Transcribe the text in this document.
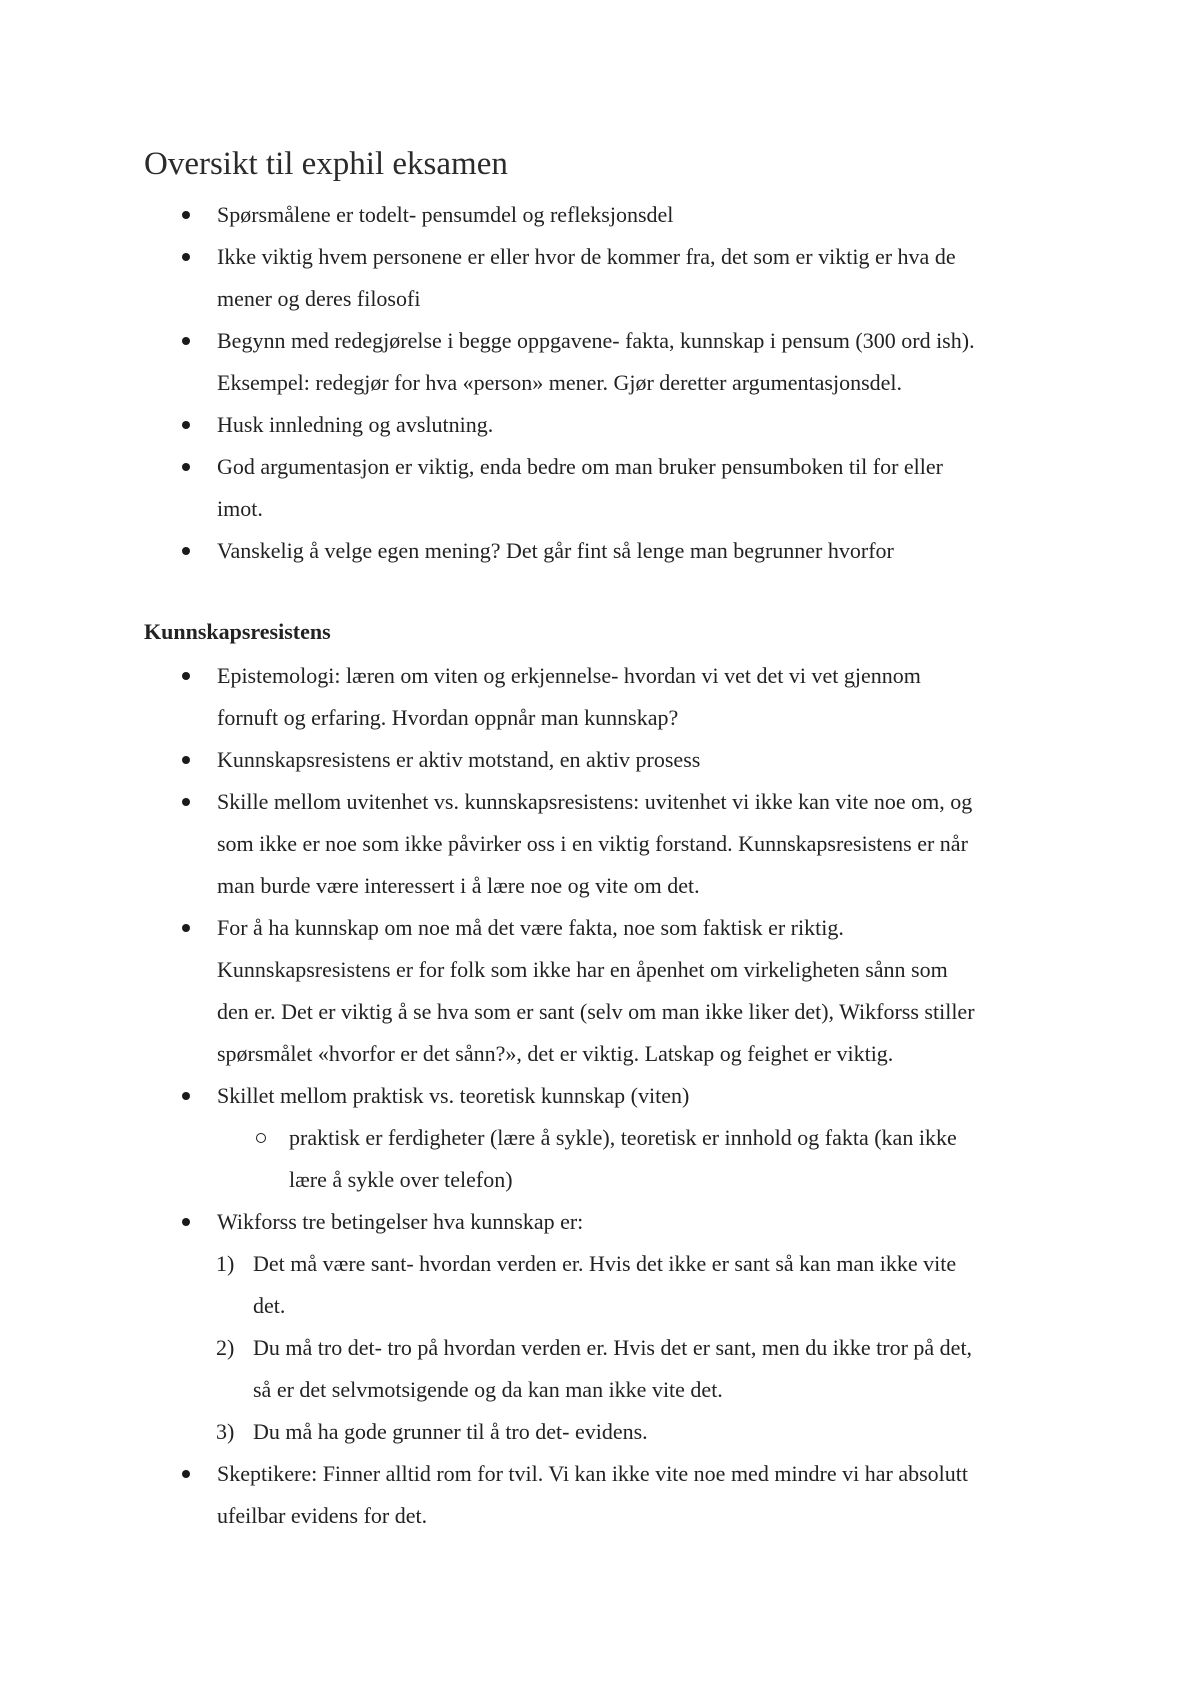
Oversikt til exphil eksamen
Spørsmålene er todelt- pensumdel og refleksjonsdel
Ikke viktig hvem personene er eller hvor de kommer fra, det som er viktig er hva de
mener og deres filosofi
Begynn med redegjørelse i begge oppgavene- fakta, kunnskap i pensum (300 ord ish).
Eksempel: redegjør for hva «person» mener. Gjør deretter argumentasjonsdel.
Husk innledning og avslutning.
God argumentasjon er viktig, enda bedre om man bruker pensumboken til for eller
imot.
Vanskelig å velge egen mening? Det går fint så lenge man begrunner hvorfor
Kunnskapsresistens
Epistemologi: læren om viten og erkjennelse- hvordan vi vet det vi vet gjennom
fornuft og erfaring. Hvordan oppnår man kunnskap?
Kunnskapsresistens er aktiv motstand, en aktiv prosess
Skille mellom uvitenhet vs. kunnskapsresistens: uvitenhet vi ikke kan vite noe om, og
som ikke er noe som ikke påvirker oss i en viktig forstand. Kunnskapsresistens er når
man burde være interessert i å lære noe og vite om det.
For å ha kunnskap om noe må det være fakta, noe som faktisk er riktig.
Kunnskapsresistens er for folk som ikke har en åpenhet om virkeligheten sånn som
den er. Det er viktig å se hva som er sant (selv om man ikke liker det), Wikforss stiller
spørsmålet «hvorfor er det sånn?», det er viktig. Latskap og feighet er viktig.
Skillet mellom praktisk vs. teoretisk kunnskap (viten)
praktisk er ferdigheter (lære å sykle), teoretisk er innhold og fakta (kan ikke
lære å sykle over telefon)
Wikforss tre betingelser hva kunnskap er:
1) Det må være sant- hvordan verden er. Hvis det ikke er sant så kan man ikke vite
det.
2) Du må tro det- tro på hvordan verden er. Hvis det er sant, men du ikke tror på det,
så er det selvmotsigende og da kan man ikke vite det.
3) Du må ha gode grunner til å tro det- evidens.
Skeptikere: Finner alltid rom for tvil. Vi kan ikke vite noe med mindre vi har absolutt
ufeilbar evidens for det.
